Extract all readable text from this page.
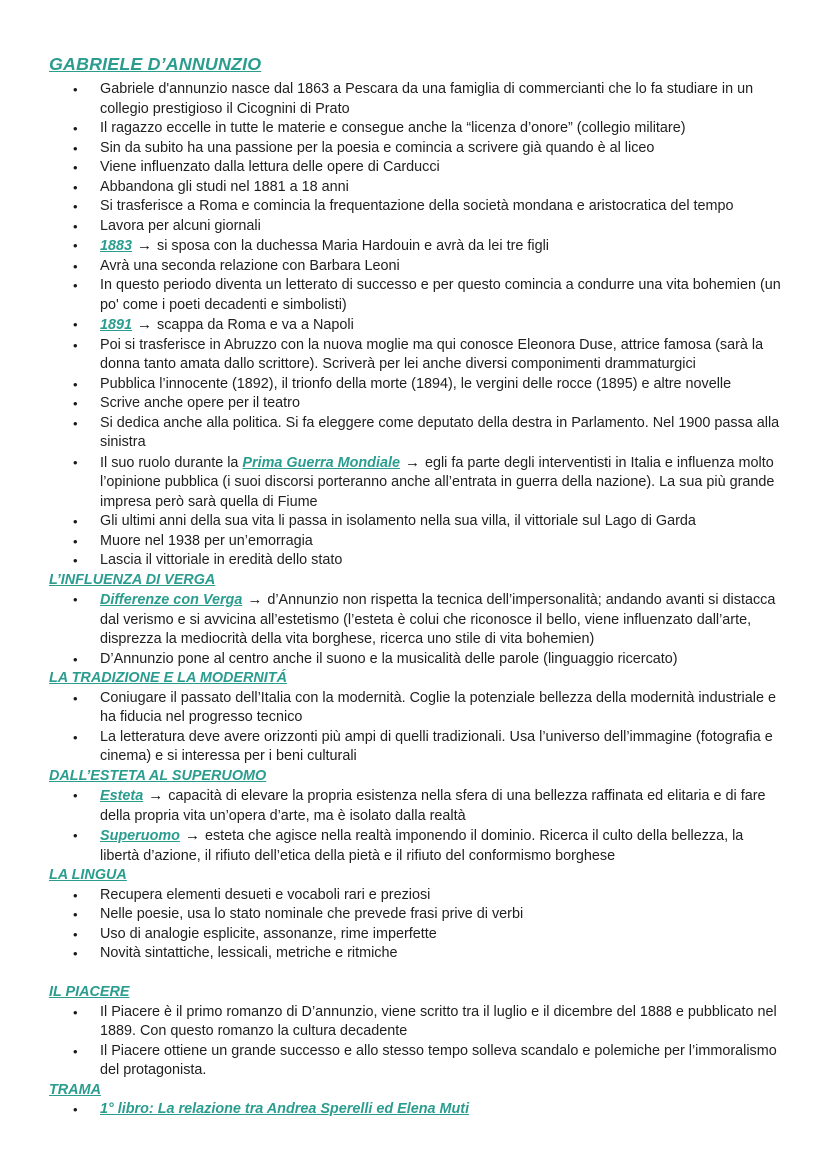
GABRIELE D’ANNUNZIO
• Gabriele d'annunzio nasce dal 1863 a Pescara da una famiglia di commercianti che lo fa studiare in un collegio prestigioso il Cicognini di Prato
• Il ragazzo eccelle in tutte le materie e consegue anche la “licenza d’onore” (collegio militare)
• Sin da subito ha una passione per la poesia e comincia a scrivere già quando è al liceo
• Viene influenzato dalla lettura delle opere di Carducci
• Abbandona gli studi nel 1881 a 18 anni
• Si trasferisce a Roma e comincia la frequentazione della società mondana e aristocratica del tempo
• Lavora per alcuni giornali
• 1883 → si sposa con la duchessa Maria Hardouin e avrà da lei tre figli
• Avrà una seconda relazione con Barbara Leoni
• In questo periodo diventa un letterato di successo e per questo comincia a condurre una vita bohemien (un po' come i poeti decadenti e simbolisti)
• 1891 → scappa da Roma e va a Napoli
• Poi si trasferisce in Abruzzo con la nuova moglie ma qui conosce Eleonora Duse, attrice famosa (sarà la donna tanto amata dallo scrittore). Scriverà per lei anche diversi componimenti drammaturgici
• Pubblica l’innocente (1892), il trionfo della morte (1894), le vergini delle rocce (1895) e altre novelle
• Scrive anche opere per il teatro
• Si dedica anche alla politica. Si fa eleggere come deputato della destra in Parlamento. Nel 1900 passa alla sinistra
• Il suo ruolo durante la Prima Guerra Mondiale → egli fa parte degli interventisti in Italia e influenza molto l’opinione pubblica (i suoi discorsi porteranno anche all’entrata in guerra della nazione). La sua più grande impresa però sarà quella di Fiume
• Gli ultimi anni della sua vita li passa in isolamento nella sua villa, il vittoriale sul Lago di Garda
• Muore nel 1938 per un’emorragia
• Lascia il vittoriale in eredità dello stato
L’INFLUENZA DI VERGA
• Differenze con Verga → d’Annunzio non rispetta la tecnica dell’impersonalità; andando avanti si distacca dal verismo e si avvicina all’estetismo (l’esteta è colui che riconosce il bello, viene influenzato dall’arte, disprezza la mediocrità della vita borghese, ricerca uno stile di vita bohemien)
• D’Annunzio pone al centro anche il suono e la musicalità delle parole (linguaggio ricercato)
LA TRADIZIONE E LA MODERNITÁ
• Coniugare il passato dell’Italia con la modernità. Coglie la potenziale bellezza della modernità industriale e ha fiducia nel progresso tecnico
• La letteratura deve avere orizzonti più ampi di quelli tradizionali. Usa l’universo dell’immagine (fotografia e cinema) e si interessa per i beni culturali
DALL’ESTETA AL SUPERUOMO
• Esteta → capacità di elevare la propria esistenza nella sfera di una bellezza raffinata ed elitaria e di fare della propria vita un’opera d’arte, ma è isolato dalla realtà
• Superuomo → esteta che agisce nella realtà imponendo il dominio. Ricerca il culto della bellezza, la libertà d’azione, il rifiuto dell’etica della pietà e il rifiuto del conformismo borghese
LA LINGUA
• Recupera elementi desueti e vocaboli rari e preziosi
• Nelle poesie, usa lo stato nominale che prevede frasi prive di verbi
• Uso di analogie esplicite, assonanze, rime imperfette
• Novità sintattiche, lessicali, metriche e ritmiche
IL PIACERE
• Il Piacere è il primo romanzo di D’annunzio, viene scritto tra il luglio e il dicembre del 1888 e pubblicato nel 1889. Con questo romanzo la cultura decadente
• Il Piacere ottiene un grande successo e allo stesso tempo solleva scandalo e polemiche per l’immoralismo del protagonista.
TRAMA
• 1° libro: La relazione tra Andrea Sperelli ed Elena Muti
